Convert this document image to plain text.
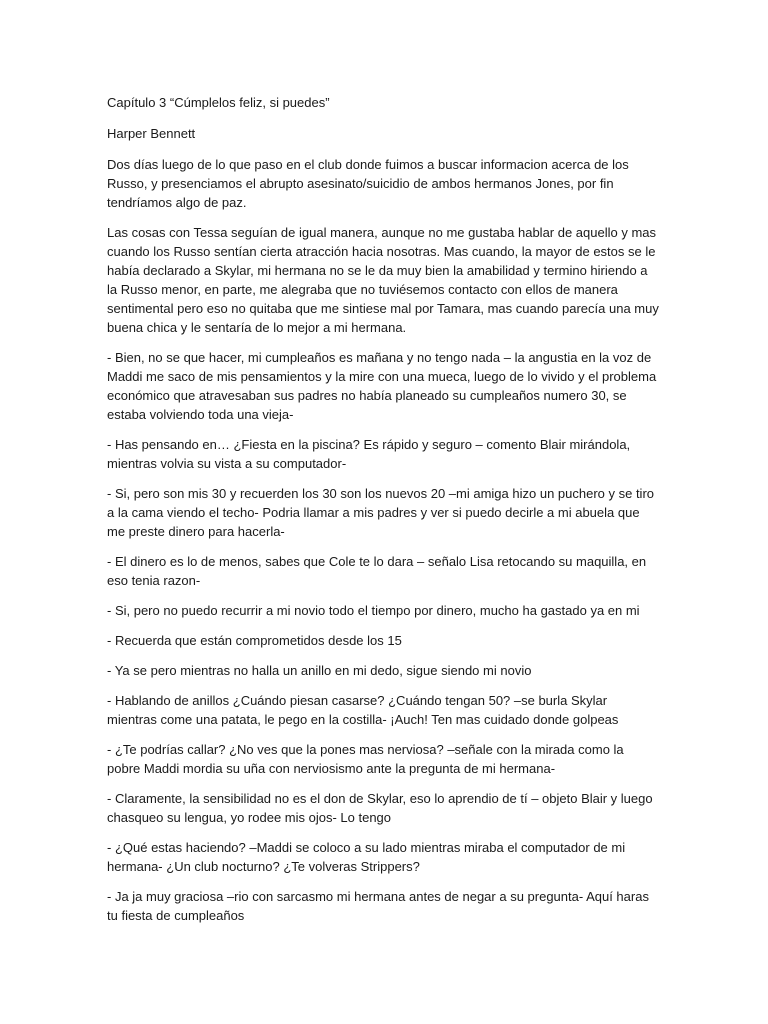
Capítulo 3 “Cúmplelos feliz, si puedes”

Harper Bennett

Dos días luego de lo que paso en el club donde fuimos a buscar informacion acerca de los Russo, y presenciamos el abrupto asesinato/suicidio de ambos hermanos Jones, por fin tendríamos algo de paz.

Las cosas con Tessa seguían de igual manera, aunque no me gustaba hablar de aquello y mas cuando los Russo sentían cierta atracción hacia nosotras. Mas cuando, la mayor de estos se le había declarado a Skylar, mi hermana no se le da muy bien la amabilidad y termino hiriendo a la Russo menor, en parte, me alegraba que no tuviésemos contacto con ellos de manera sentimental pero eso no quitaba que me sintiese mal por Tamara, mas cuando parecía una muy buena chica y le sentaría de lo mejor a mi hermana.

- Bien, no se que hacer, mi cumpleaños es mañana y no tengo nada – la angustia en la voz de Maddi me saco de mis pensamientos y la mire con una mueca, luego de lo vivido y el problema económico que atravesaban sus padres no había planeado su cumpleaños numero 30, se estaba volviendo toda una vieja-

- Has pensando en… ¿Fiesta en la piscina? Es rápido y seguro – comento Blair mirándola, mientras volvia su vista a su computador-

- Si, pero son mis 30 y recuerden los 30 son los nuevos 20 –mi amiga hizo un puchero y se tiro a la cama viendo el techo- Podria llamar a mis padres y ver si puedo decirle a mi abuela que me preste dinero para hacerla-

- El dinero es lo de menos, sabes que Cole te lo dara – señalo Lisa retocando su maquilla, en eso tenia razon-

- Si, pero no puedo recurrir a mi novio todo el tiempo por dinero, mucho ha gastado ya en mi

- Recuerda que están comprometidos desde los 15

- Ya se pero mientras no halla un anillo en mi dedo, sigue siendo mi novio

- Hablando de anillos ¿Cuándo piesan casarse? ¿Cuándo tengan 50? –se burla Skylar mientras come una patata, le pego en la costilla- ¡Auch! Ten mas cuidado donde golpeas

- ¿Te podrías callar? ¿No ves que la pones mas nerviosa? –señale con la mirada como la pobre Maddi mordia su uña con nerviosismo ante la pregunta de mi hermana-

- Claramente, la sensibilidad no es el don de Skylar, eso lo aprendio de tí – objeto Blair y luego chasqueo su lengua, yo rodee mis ojos- Lo tengo

- ¿Qué estas haciendo? –Maddi se coloco a su lado mientras miraba el computador de mi hermana- ¿Un club nocturno? ¿Te volveras Strippers?

- Ja ja muy graciosa –rio con sarcasmo mi hermana antes de negar a su pregunta- Aquí haras tu fiesta de cumpleaños
